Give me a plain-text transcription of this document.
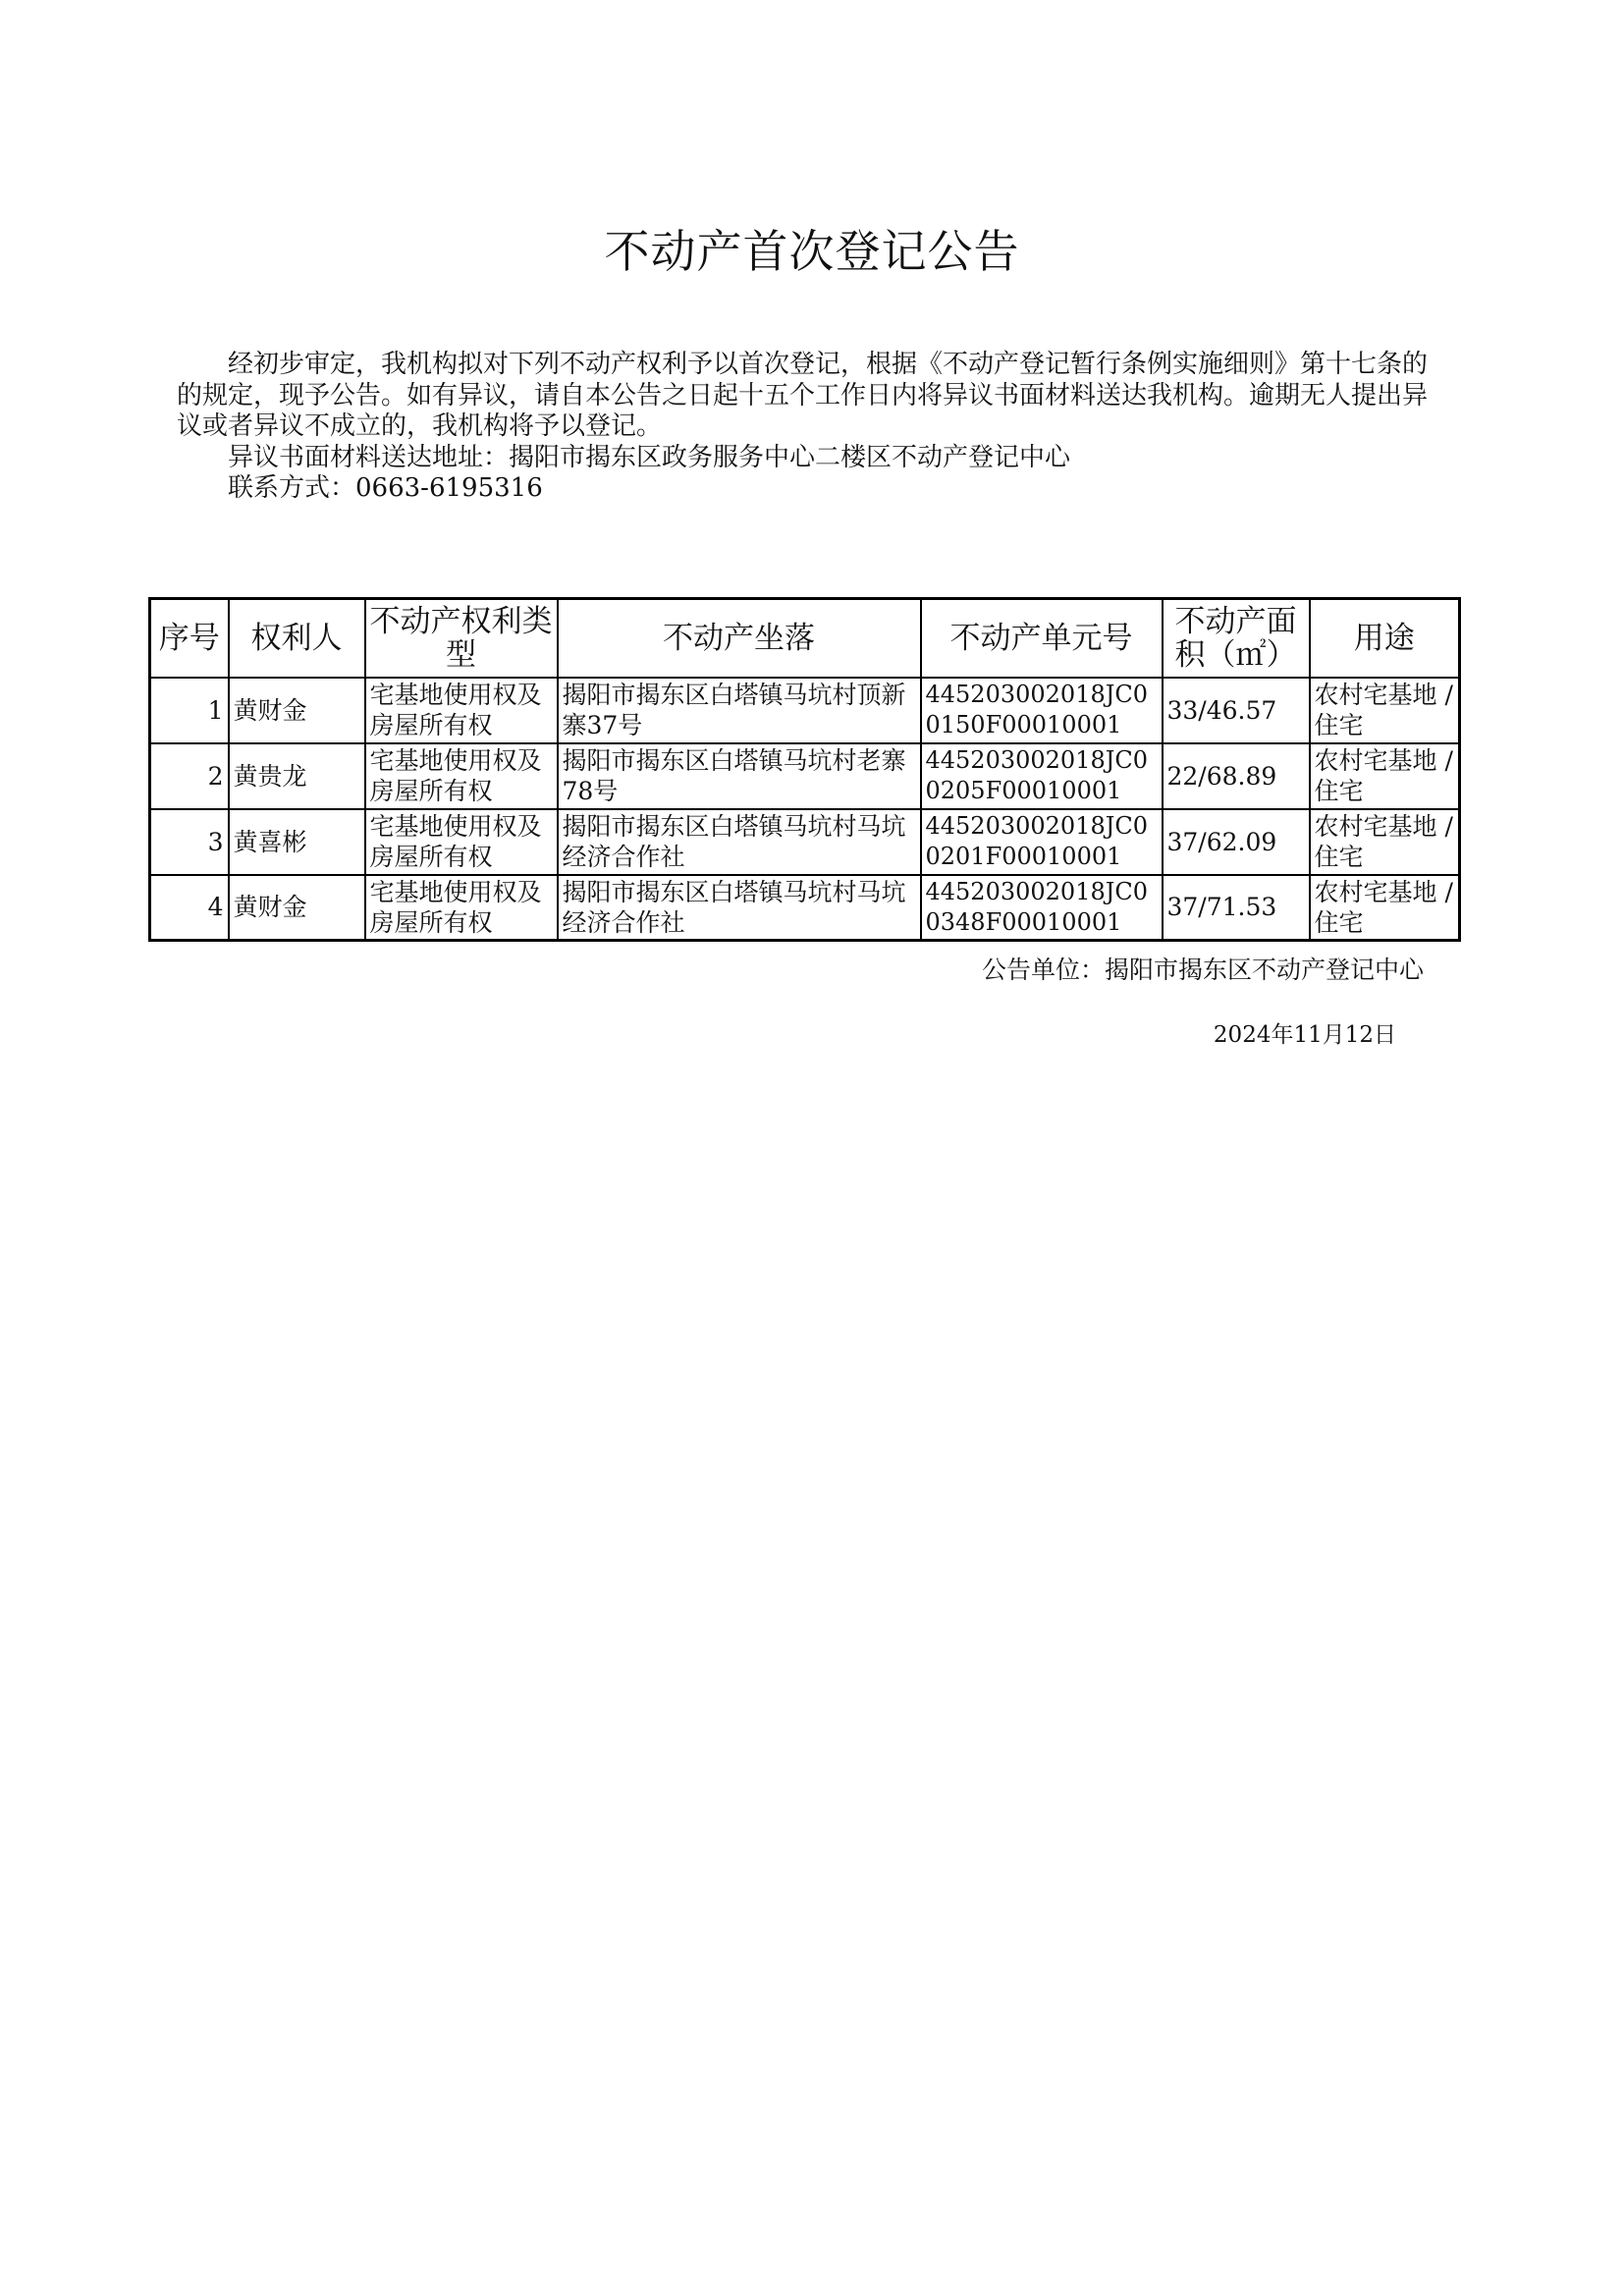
不动产首次登记公告

经初步审定，我机构拟对下列不动产权利予以首次登记，根据《不动产登记暂行条例实施细则》第十七条的的规定，现予公告。如有异议，请自本公告之日起十五个工作日内将异议书面材料送达我机构。逾期无人提出异议或者异议不成立的，我机构将予以登记。

异议书面材料送达地址：揭阳市揭东区政务服务中心二楼区不动产登记中心

联系方式：0663-6195316

序号	权利人	不动产权利类型	不动产坐落	不动产单元号	不动产面积（㎡）	用途
1	黄财金	宅基地使用权及房屋所有权	揭阳市揭东区白塔镇马坑村顶新寨37号	445203002018JC00150F00010001	33/46.57	农村宅基地 / 住宅
2	黄贵龙	宅基地使用权及房屋所有权	揭阳市揭东区白塔镇马坑村老寨78号	445203002018JC00205F00010001	22/68.89	农村宅基地 / 住宅
3	黄喜彬	宅基地使用权及房屋所有权	揭阳市揭东区白塔镇马坑村马坑经济合作社	445203002018JC00201F00010001	37/62.09	农村宅基地 / 住宅
4	黄财金	宅基地使用权及房屋所有权	揭阳市揭东区白塔镇马坑村马坑经济合作社	445203002018JC00348F00010001	37/71.53	农村宅基地 / 住宅
公告单位：揭阳市揭东区不动产登记中心
2024年11月12日
